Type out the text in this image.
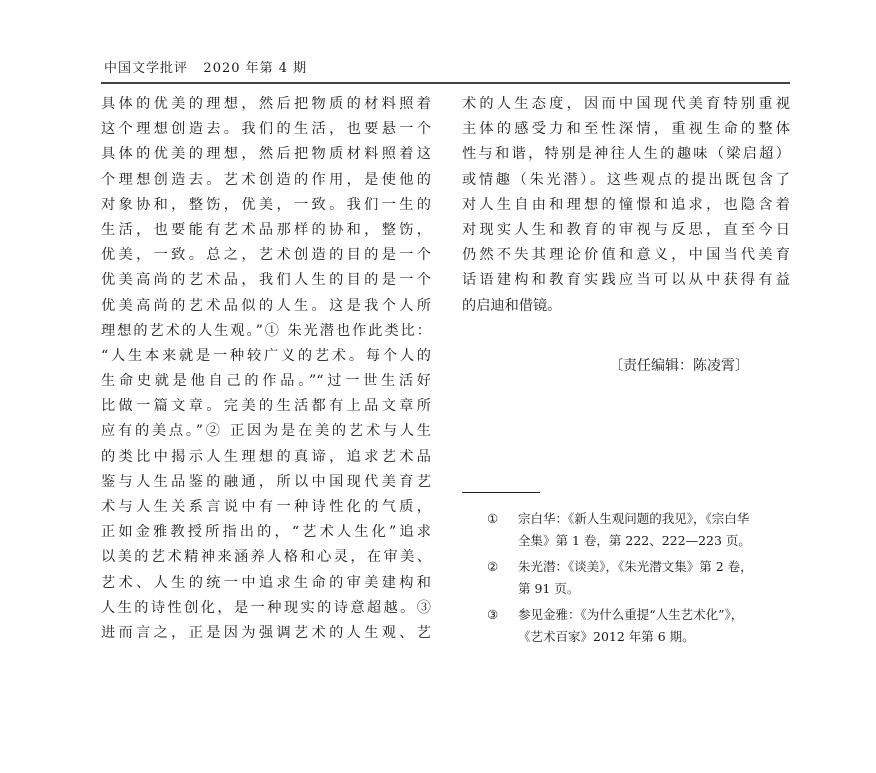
中国文学批评 2020 年第 4 期
具体的优美的理想，然后把物质的材料照着
这个理想创造去。我们的生活，也要悬一个
具体的优美的理想，然后把物质材料照着这
个理想创造去。艺术创造的作用，是使他的
对象协和，整饬，优美，一致。我们一生的
生活，也要能有艺术品那样的协和，整饬，
优美，一致。总之，艺术创造的目的是一个
优美高尚的艺术品，我们人生的目的是一个
优美高尚的艺术品似的人生。这是我个人所
理想的艺术的人生观。”① 朱光潜也作此类比：
“人生本来就是一种较广义的艺术。每个人的
生命史就是他自己的作品。”“过一世生活好
比做一篇文章。完美的生活都有上品文章所
应有的美点。”② 正因为是在美的艺术与人生
的类比中揭示人生理想的真谛，追求艺术品
鉴与人生品鉴的融通，所以中国现代美育艺
术与人生关系言说中有一种诗性化的气质，
正如金雅教授所指出的，“艺术人生化”追求
以美的艺术精神来涵养人格和心灵，在审美、
艺术、人生的统一中追求生命的审美建构和
人生的诗性创化，是一种现实的诗意超越。③
进而言之，正是因为强调艺术的人生观、艺
术的人生态度，因而中国现代美育特别重视
主体的感受力和至性深情，重视生命的整体
性与和谐，特别是神往人生的趣味（梁启超）
或情趣（朱光潜）。这些观点的提出既包含了
对人生自由和理想的憧憬和追求，也隐含着
对现实人生和教育的审视与反思，直至今日
仍然不失其理论价值和意义，中国当代美育
话语建构和教育实践应当可以从中获得有益
的启迪和借镜。
〔责任编辑：陈凌霄〕
① 宗白华：《新人生观问题的我见》，《宗白华
全集》第 1 卷，第 222、222—223 页。
② 朱光潜：《谈美》，《朱光潜文集》第 2 卷，
第 91 页。
③ 参见金雅：《为什么重提“人生艺术化”》，
《艺术百家》2012 年第 6 期。
